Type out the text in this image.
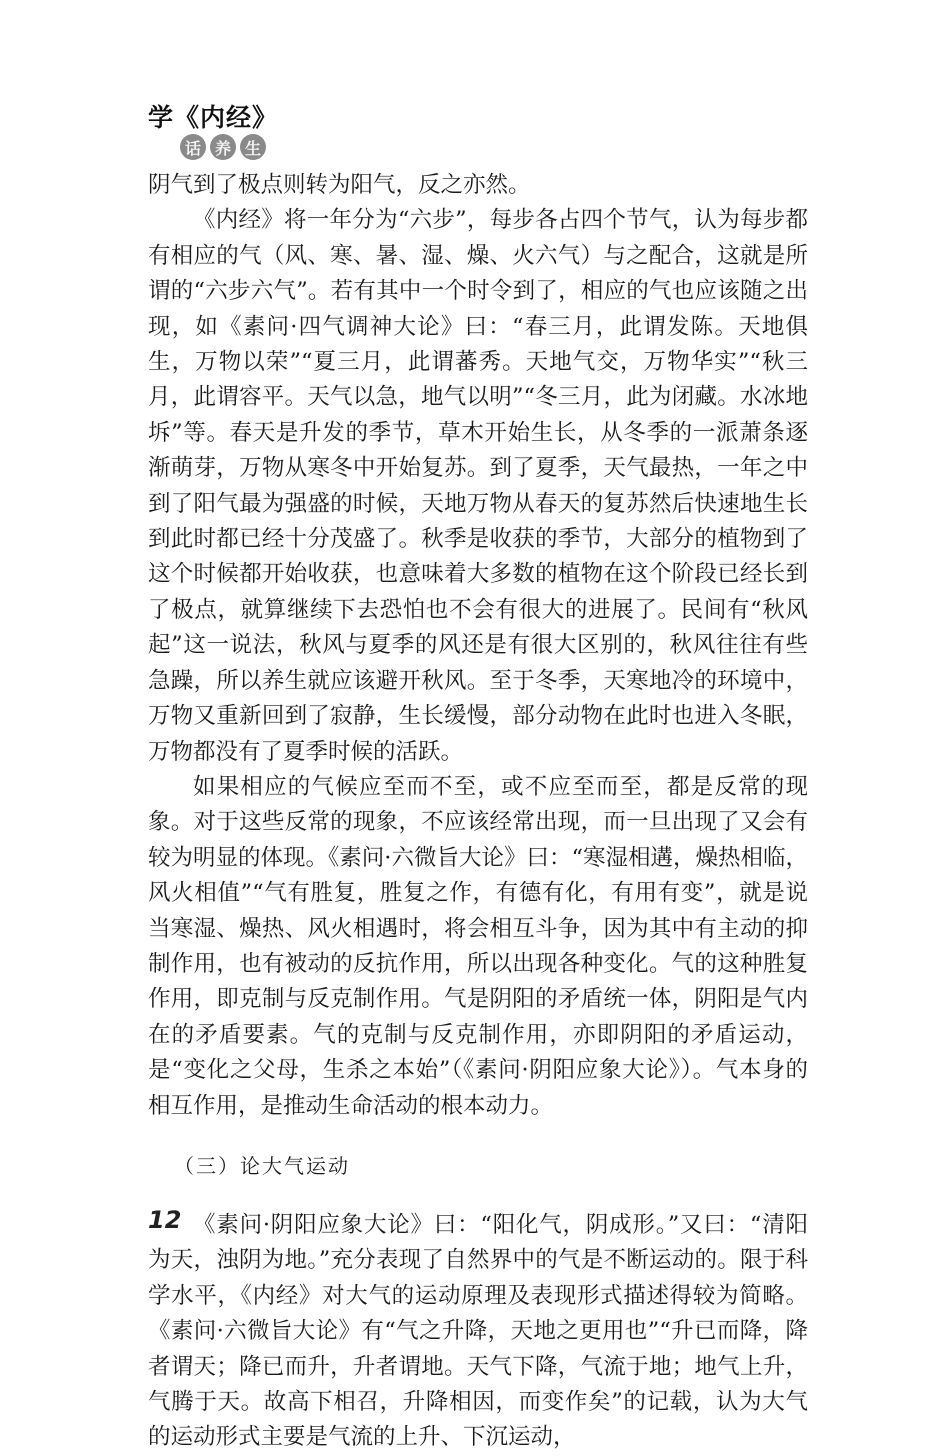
学《内经》
话 养 生

阴气到了极点则转为阳气，反之亦然。

《内经》将一年分为“六步”，每步各占四个节气，认为每步都有相应的气（风、寒、暑、湿、燥、火六气）与之配合，这就是所谓的“六步六气”。若有其中一个时令到了，相应的气也应该随之出现，如《素问·四气调神大论》曰：“春三月，此谓发陈。天地俱生，万物以荣”“夏三月，此谓蕃秀。天地气交，万物华实”“秋三月，此谓容平。天气以急，地气以明”“冬三月，此为闭藏。水冰地坼”等。春天是升发的季节，草木开始生长，从冬季的一派萧条逐渐萌芽，万物从寒冬中开始复苏。到了夏季，天气最热，一年之中到了阳气最为强盛的时候，天地万物从春天的复苏然后快速地生长到此时都已经十分茂盛了。秋季是收获的季节，大部分的植物到了这个时候都开始收获，也意味着大多数的植物在这个阶段已经长到了极点，就算继续下去恐怕也不会有很大的进展了。民间有“秋风起”这一说法，秋风与夏季的风还是有很大区别的，秋风往往有些急躁，所以养生就应该避开秋风。至于冬季，天寒地冷的环境中，万物又重新回到了寂静，生长缓慢，部分动物在此时也进入冬眠，万物都没有了夏季时候的活跃。

如果相应的气候应至而不至，或不应至而至，都是反常的现象。对于这些反常的现象，不应该经常出现，而一旦出现了又会有较为明显的体现。《素问·六微旨大论》曰：“寒湿相遘，燥热相临，风火相值”“气有胜复，胜复之作，有德有化，有用有变”，就是说当寒湿、燥热、风火相遇时，将会相互斗争，因为其中有主动的抑制作用，也有被动的反抗作用，所以出现各种变化。气的这种胜复作用，即克制与反克制作用。气是阴阳的矛盾统一体，阴阳是气内在的矛盾要素。气的克制与反克制作用，亦即阴阳的矛盾运动，是“变化之父母，生杀之本始”（《素问·阴阳应象大论》）。气本身的相互作用，是推动生命活动的根本动力。

（三）论大气运动

《素问·阴阳应象大论》曰：“阳化气，阴成形。”又曰：“清阳为天，浊阴为地。”充分表现了自然界中的气是不断运动的。限于科学水平，《内经》对大气的运动原理及表现形式描述得较为简略。《素问·六微旨大论》有“气之升降，天地之更用也”“升已而降，降者谓天；降已而升，升者谓地。天气下降，气流于地；地气上升，气腾于天。故高下相召，升降相因，而变作矣”的记载，认为大气的运动形式主要是气流的上升、下沉运动，

12
